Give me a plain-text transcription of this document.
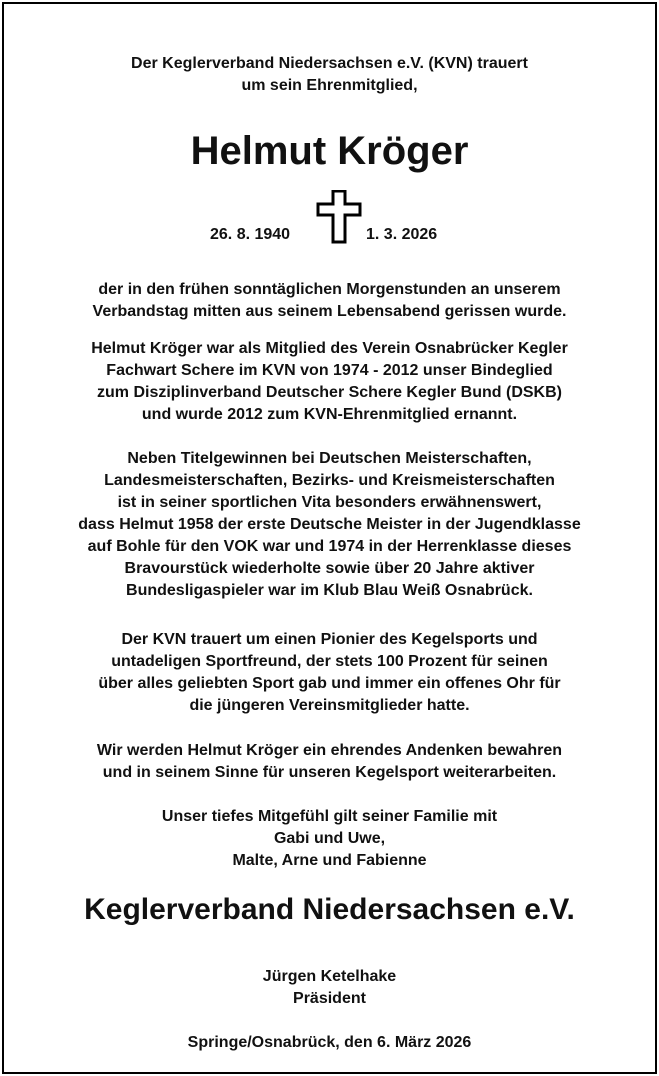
Der Keglerverband Niedersachsen e.V. (KVN) trauert
um sein Ehrenmitglied,
Helmut Kröger
26. 8. 1940	1. 3. 2026
der in den frühen sonntäglichen Morgenstunden an unserem
Verbandstag mitten aus seinem Lebensabend gerissen wurde.
Helmut Kröger war als Mitglied des Verein Osnabrücker Kegler
Fachwart Schere im KVN von 1974 - 2012 unser Bindeglied
zum Disziplinverband Deutscher Schere Kegler Bund (DSKB)
und wurde 2012 zum KVN-Ehrenmitglied ernannt.
Neben Titelgewinnen bei Deutschen Meisterschaften,
Landesmeisterschaften, Bezirks- und Kreismeisterschaften
ist in seiner sportlichen Vita besonders erwähnenswert,
dass Helmut 1958 der erste Deutsche Meister in der Jugendklasse
auf Bohle für den VOK war und 1974 in der Herrenklasse dieses
Bravourstück wiederholte sowie über 20 Jahre aktiver
Bundesligaspieler war im Klub Blau Weiß Osnabrück.
Der KVN trauert um einen Pionier des Kegelsports und
untadeligen Sportfreund, der stets 100 Prozent für seinen
über alles geliebten Sport gab und immer ein offenes Ohr für
die jüngeren Vereinsmitglieder hatte.
Wir werden Helmut Kröger ein ehrendes Andenken bewahren
und in seinem Sinne für unseren Kegelsport weiterarbeiten.
Unser tiefes Mitgefühl gilt seiner Familie mit
Gabi und Uwe,
Malte, Arne und Fabienne
Keglerverband Niedersachsen e.V.
Jürgen Ketelhake
Präsident
Springe/Osnabrück, den 6. März 2026
